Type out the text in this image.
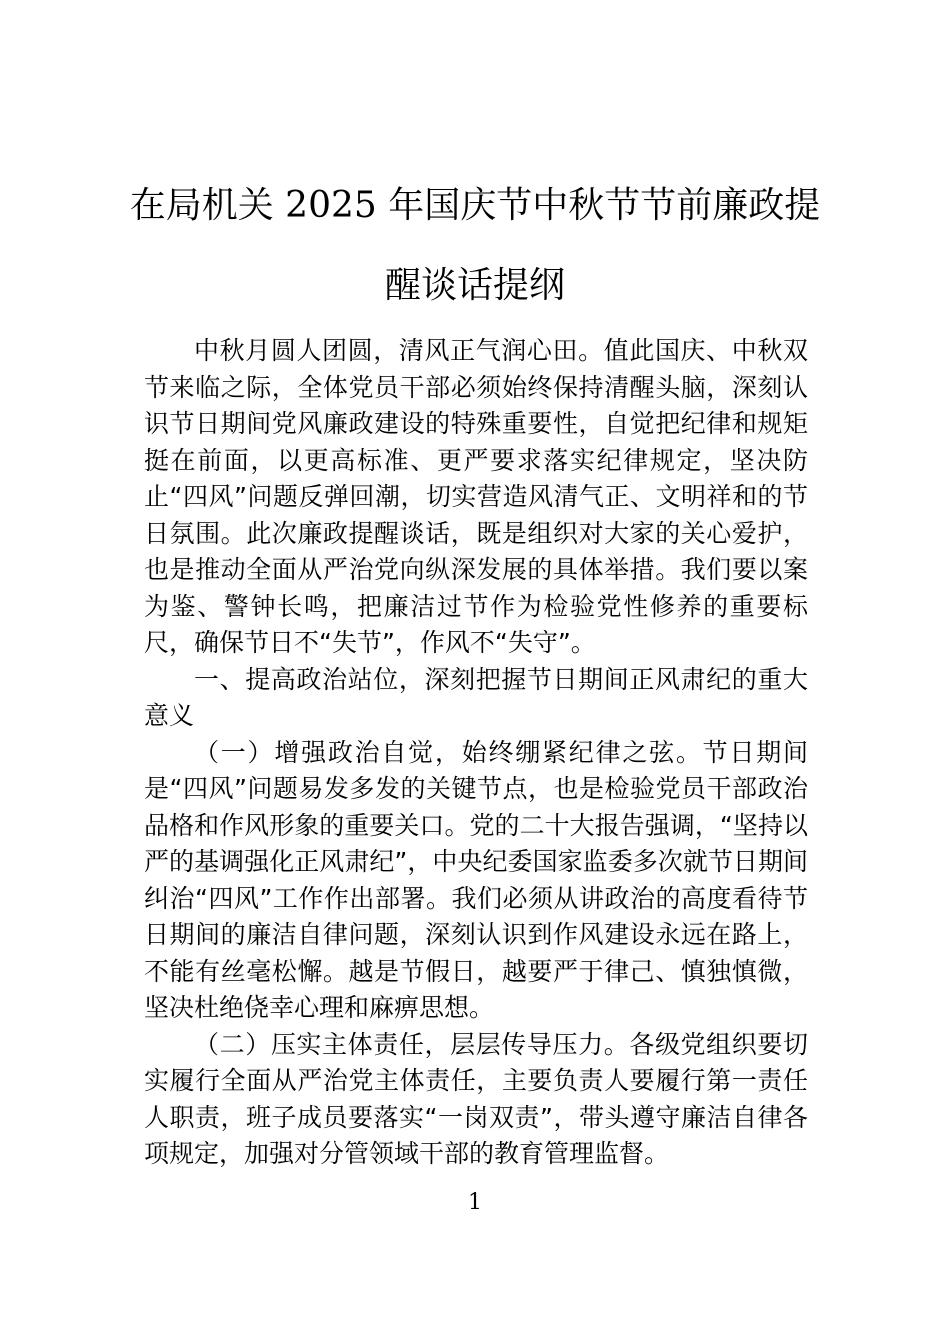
在局机关 2025 年国庆节中秋节节前廉政提
醒谈话提纲

中秋月圆人团圆，清风正气润心田。值此国庆、中秋双节来临之际，全体党员干部必须始终保持清醒头脑，深刻认识节日期间党风廉政建设的特殊重要性，自觉把纪律和规矩挺在前面，以更高标准、更严要求落实纪律规定，坚决防止“四风”问题反弹回潮，切实营造风清气正、文明祥和的节日氛围。此次廉政提醒谈话，既是组织对大家的关心爱护，也是推动全面从严治党向纵深发展的具体举措。我们要以案为鉴、警钟长鸣，把廉洁过节作为检验党性修养的重要标尺，确保节日不“失节”，作风不“失守”。

一、提高政治站位，深刻把握节日期间正风肃纪的重大意义

（一）增强政治自觉，始终绷紧纪律之弦。节日期间是“四风”问题易发多发的关键节点，也是检验党员干部政治品格和作风形象的重要关口。党的二十大报告强调，“坚持以严的基调强化正风肃纪”，中央纪委国家监委多次就节日期间纠治“四风”工作作出部署。我们必须从讲政治的高度看待节日期间的廉洁自律问题，深刻认识到作风建设永远在路上，不能有丝毫松懈。越是节假日，越要严于律己、慎独慎微，坚决杜绝侥幸心理和麻痹思想。

（二）压实主体责任，层层传导压力。各级党组织要切实履行全面从严治党主体责任，主要负责人要履行第一责任人职责，班子成员要落实“一岗双责”，带头遵守廉洁自律各项规定，加强对分管领域干部的教育管理监督。

1
